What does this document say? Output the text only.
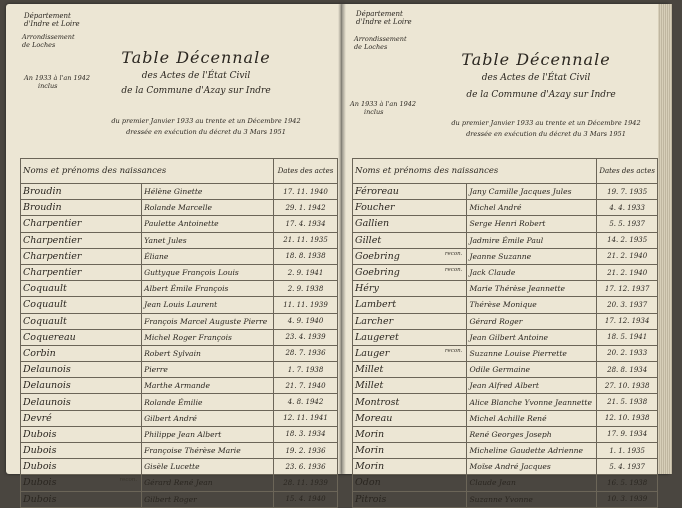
Département
d'Indre et Loire
Arrondissement
de Loches
Table Décennale
des Actes de l'État Civil
de la Commune d'Azay sur Indre
An 1933 à l'an 1942
inclus
du premier Janvier 1933 au trente et un Décembre 1942
dressée en exécution du décret du 3 Mars 1951
Noms et prénoms des naissances		Dates des actes
Broudin	Hélène Ginette	17. 11. 1940
Broudin	Rolande Marcelle	29. 1. 1942
Charpentier	Paulette Antoinette	17. 4. 1934
Charpentier	Yanet Jules	21. 11. 1935
Charpentier	Éliane	18. 8. 1938
Charpentier	Guttyque François Louis	2. 9. 1941
Coquault	Albert Émile François	2. 9. 1938
Coquault	Jean Louis Laurent	11. 11. 1939
Coquault	François Marcel Auguste Pierre	4. 9. 1940
Coquereau	Michel Roger François	23. 4. 1939
Corbin	Robert Sylvain	28. 7. 1936
Delaunois	Pierre	1. 7. 1938
Delaunois	Marthe Armande	21. 7. 1940
Delaunois	Rolande Émilie	4. 8. 1942
Devré	Gilbert André	12. 11. 1941
Dubois	Philippe Jean Albert	18. 3. 1934
Dubois	Françoise Thérèse Marie	19. 2. 1936
Dubois	Gisèle Lucette	23. 6. 1936
Dubois recon.	Gérard René Jean	28. 11. 1939
Dubois	Gilbert Roger	15. 4. 1940
Département
d'Indre et Loire
Arrondissement
de Loches
Table Décennale
des Actes de l'État Civil
de la Commune d'Azay sur Indre
An 1933 à l'an 1942
inclus
du premier Janvier 1933 au trente et un Décembre 1942
dressée en exécution du décret du 3 Mars 1951
Noms et prénoms des naissances		Dates des actes
Féroreau	Jany Camille Jacques Jules	19. 7. 1935
Foucher	Michel André	4. 4. 1933
Gallien	Serge Henri Robert	5. 5. 1937
Gillet	Jadmire Émile Paul	14. 2. 1935
Goebring recon.	Jeanne Suzanne	21. 2. 1940
Goebring recon.	Jack Claude	21. 2. 1940
Héry	Marie Thérèse Jeannette	17. 12. 1937
Lambert	Thérèse Monique	20. 3. 1937
Larcher	Gérard Roger	17. 12. 1934
Laugeret	Jean Gilbert Antoine	18. 5. 1941
Lauger recon.	Suzanne Louise Pierrette	20. 2. 1933
Millet	Odile Germaine	28. 8. 1934
Millet	Jean Alfred Albert	27. 10. 1938
Montrost	Alice Blanche Yvonne Jeannette	21. 5. 1938
Moreau	Michel Achille René	12. 10. 1938
Morin	René Georges Joseph	17. 9. 1934
Morin	Micheline Gaudette Adrienne	1. 1. 1935
Morin	Moïse André Jacques	5. 4. 1937
Odon	Claude Jean	16. 5. 1938
Pitrois	Suzanne Yvonne	10. 3. 1939
